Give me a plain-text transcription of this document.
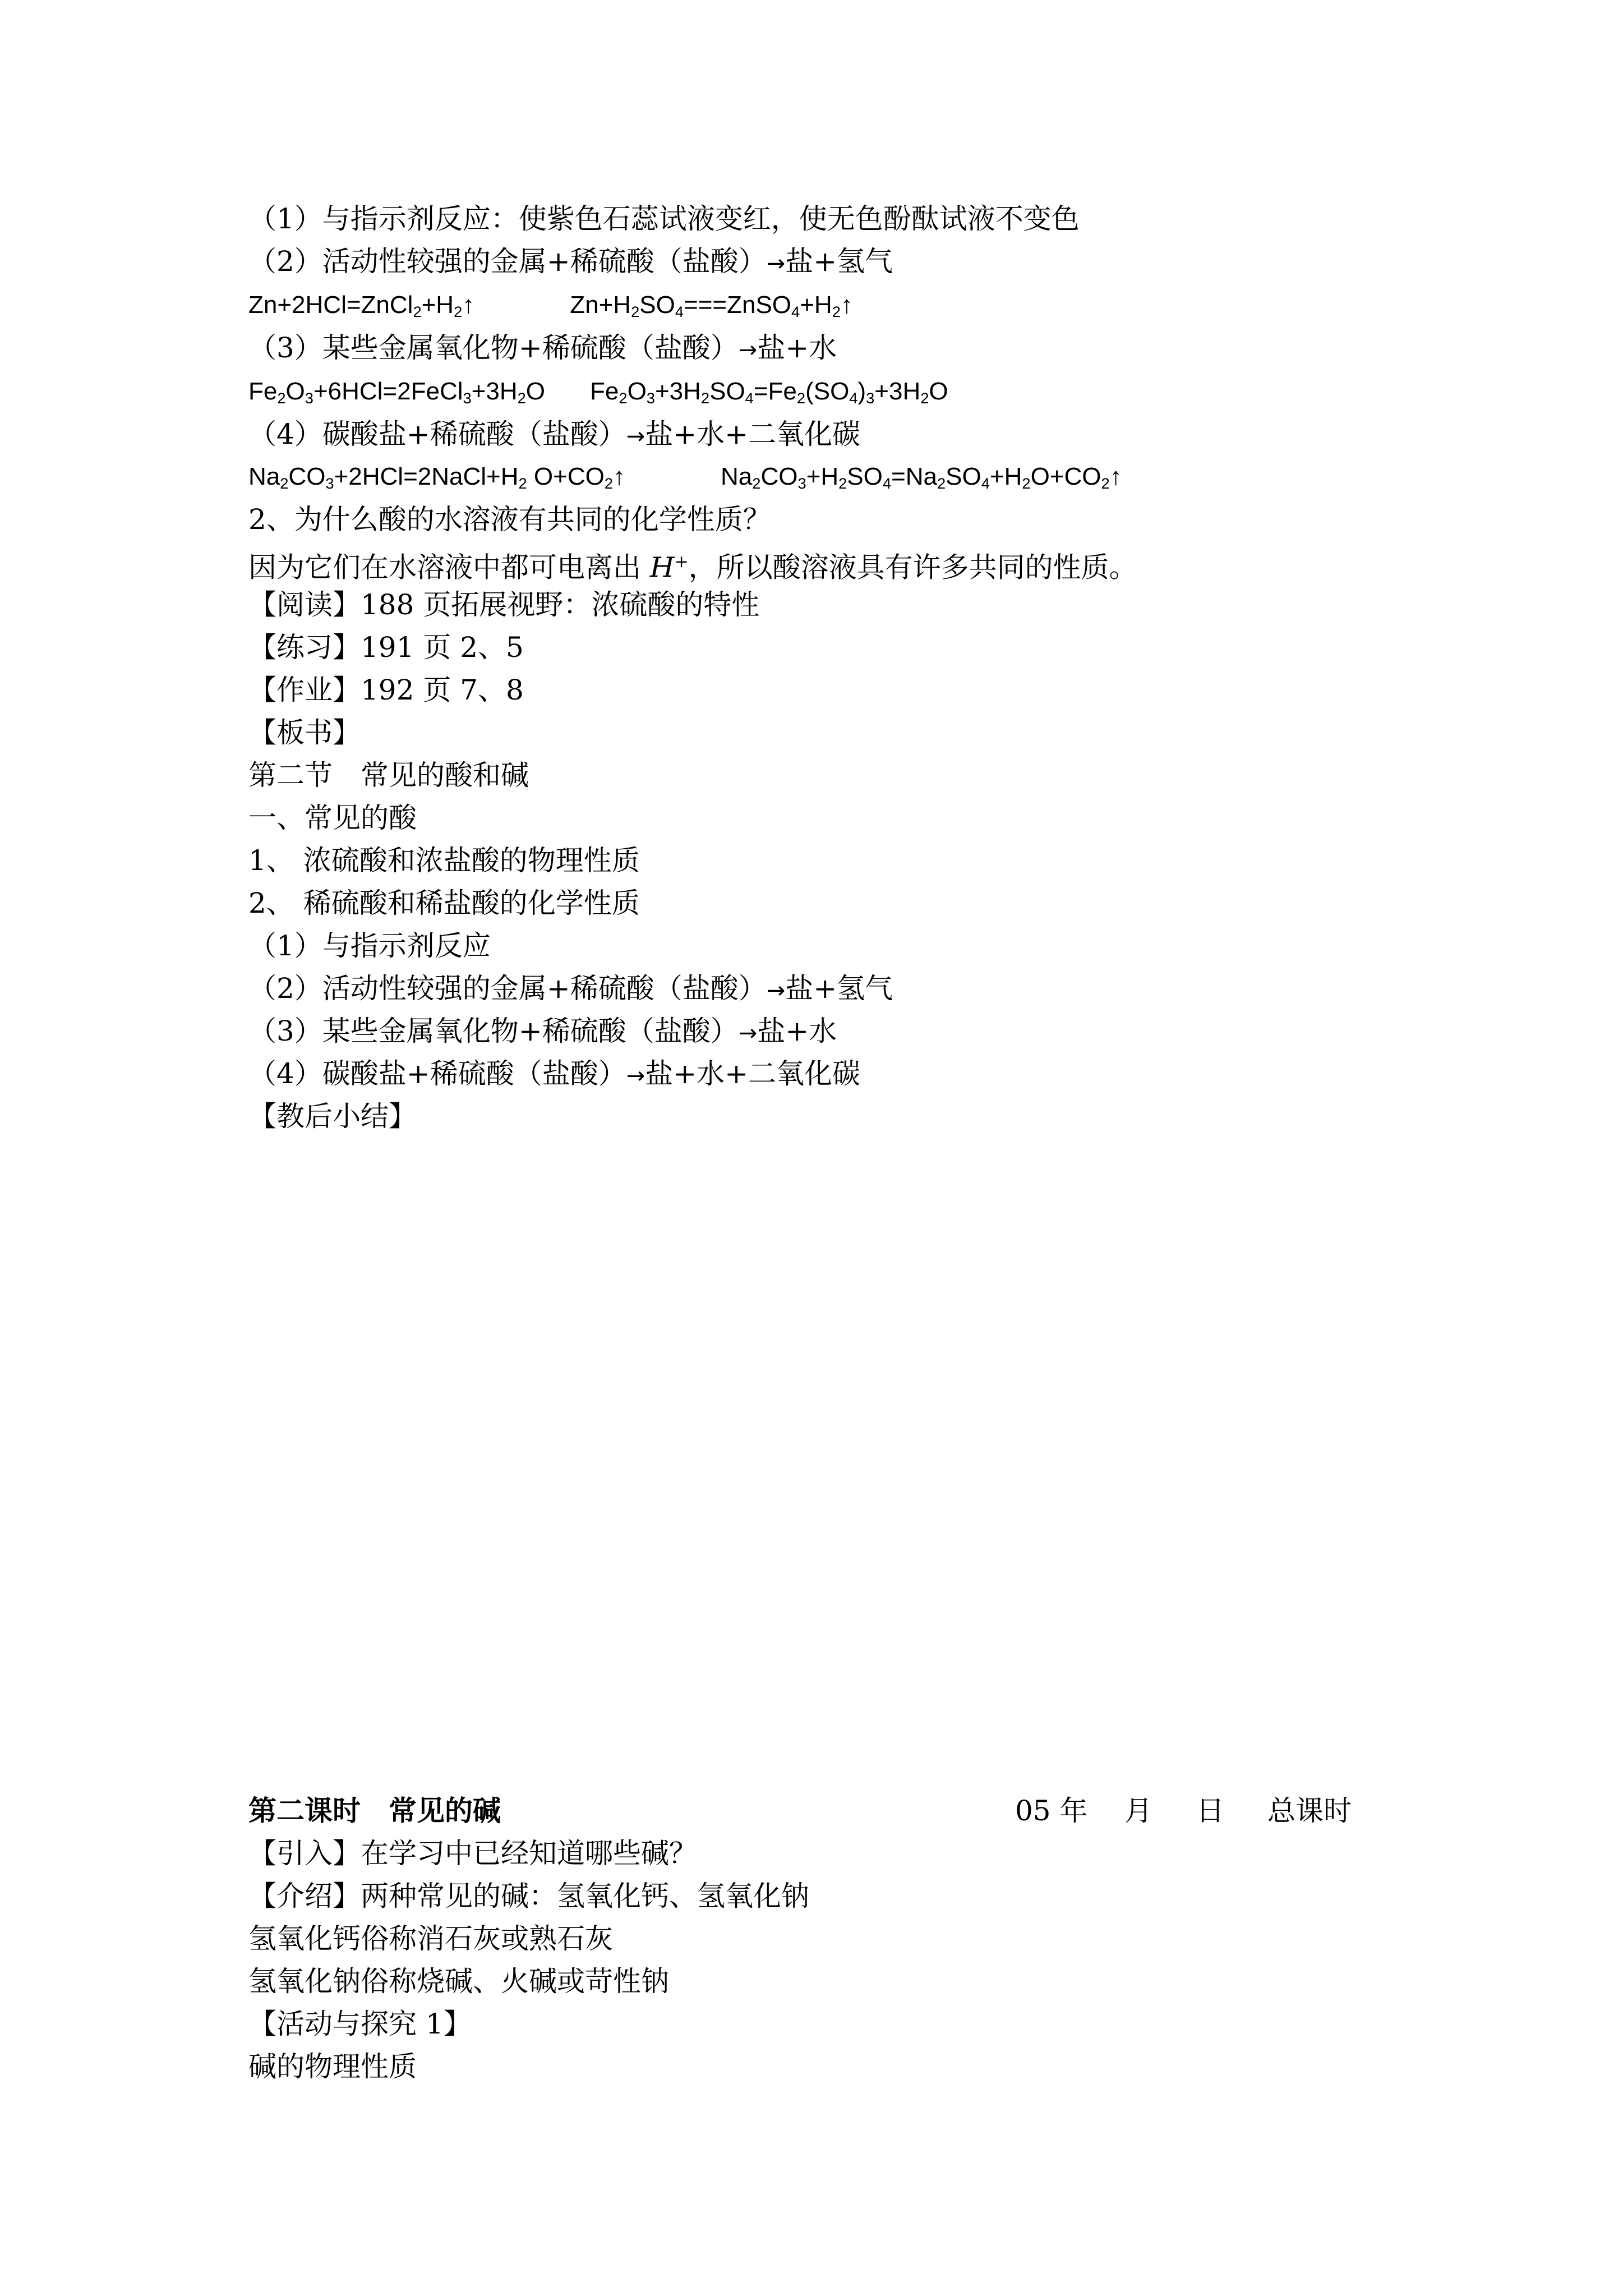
（1）与指示剂反应：使紫色石蕊试液变红，使无色酚酞试液不变色
（2）活动性较强的金属+稀硫酸（盐酸）→盐+氢气
$Zn+2HCl=ZnCl_2+H_2↑$	$Zn+H_2SO_4===ZnSO_4+H_2↑$
（3）某些金属氧化物+稀硫酸（盐酸）→盐+水
$Fe_2O_3+6HCl=2FeCl_3+3H_2O$ $Fe_2O_3+3H_2SO_4=Fe_2(SO_4)_3+3H_2O$
（4）碳酸盐+稀硫酸（盐酸）→盐+水+二氧化碳
$Na_2CO_3+2HCl=2NaCl+H_2$ $O+CO_2↑$	$Na_2CO_3+H_2SO_4=Na_2SO_4+H_2O+CO_2↑$
2、为什么酸的水溶液有共同的化学性质？
因为它们在水溶液中都可电离出 H+，所以酸溶液具有许多共同的性质。
【阅读】188 页拓展视野：浓硫酸的特性
【练习】191 页 2、5
【作业】192 页 7、8
【板书】
第二节　常见的酸和碱
一、常见的酸
1、 浓硫酸和浓盐酸的物理性质
2、 稀硫酸和稀盐酸的化学性质
（1）与指示剂反应
（2）活动性较强的金属+稀硫酸（盐酸）→盐+氢气
（3）某些金属氧化物+稀硫酸（盐酸）→盐+水
（4）碳酸盐+稀硫酸（盐酸）→盐+水+二氧化碳
【教后小结】
第二课时　常见的碱	05 年 月 日 总课时
【引入】在学习中已经知道哪些碱？
【介绍】两种常见的碱：氢氧化钙、氢氧化钠
氢氧化钙俗称消石灰或熟石灰
氢氧化钠俗称烧碱、火碱或苛性钠
【活动与探究 1】
碱的物理性质
